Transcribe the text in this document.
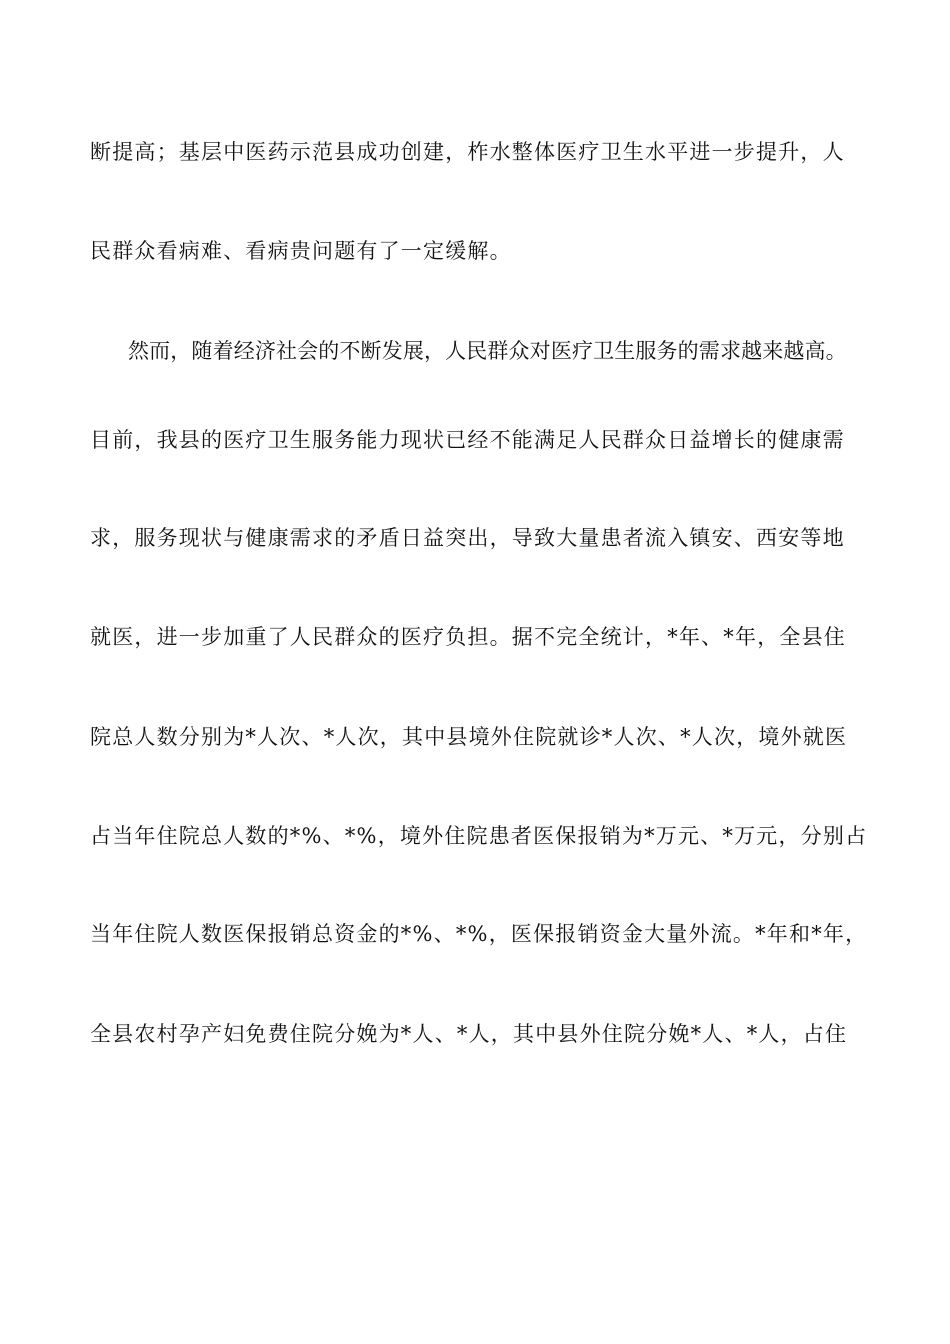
断提高；基层中医药示范县成功创建，柞水整体医疗卫生水平进一步提升，人
民群众看病难、看病贵问题有了一定缓解。
然而，随着经济社会的不断发展，人民群众对医疗卫生服务的需求越来越高。
目前，我县的医疗卫生服务能力现状已经不能满足人民群众日益增长的健康需
求，服务现状与健康需求的矛盾日益突出，导致大量患者流入镇安、西安等地
就医，进一步加重了人民群众的医疗负担。据不完全统计，*年、*年，全县住
院总人数分别为*人次、*人次，其中县境外住院就诊*人次、*人次，境外就医
占当年住院总人数的*%、*%，境外住院患者医保报销为*万元、*万元，分别占
当年住院人数医保报销总资金的*%、*%，医保报销资金大量外流。*年和*年，
全县农村孕产妇免费住院分娩为*人、*人，其中县外住院分娩*人、*人，占住
